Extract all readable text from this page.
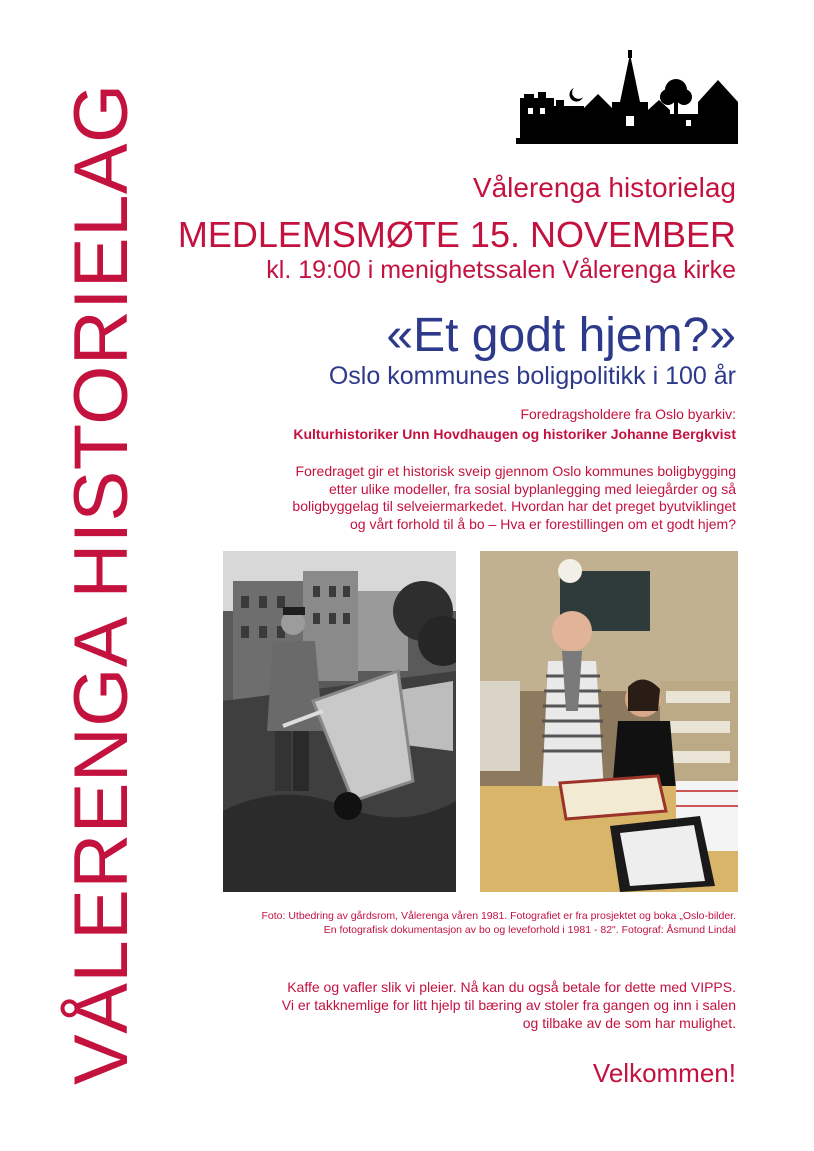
VÅLERENGA HISTORIELAG	Vålerenga historielag
MEDLEMSMØTE 15. NOVEMBER
kl. 19:00 i menighetssalen Vålerenga kirke
«Et godt hjem?»
Oslo kommunes boligpolitikk i 100 år
Foredragsholdere fra Oslo byarkiv:
Kulturhistoriker Unn Hovdhaugen og historiker Johanne Bergkvist
Foredraget gir et historisk sveip gjennom Oslo kommunes boligbygging
etter ulike modeller, fra sosial byplanlegging med leiegårder og så
boligbyggelag til selveiermarkedet. Hvordan har det preget byutviklinget
og vårt forhold til å bo – Hva er forestillingen om et godt hjem?
Foto: Utbedring av gårdsrom, Vålerenga våren 1981. Fotografiet er fra prosjektet og boka „Oslo-bilder.
En fotografisk dokumentasjon av bo og leveforhold i 1981 - 82". Fotograf: Åsmund Lindal
Kaffe og vafler slik vi pleier. Nå kan du også betale for dette med VIPPS.
Vi er takknemlige for litt hjelp til bæring av stoler fra gangen og inn i salen
og tilbake av de som har mulighet.
Velkommen!
